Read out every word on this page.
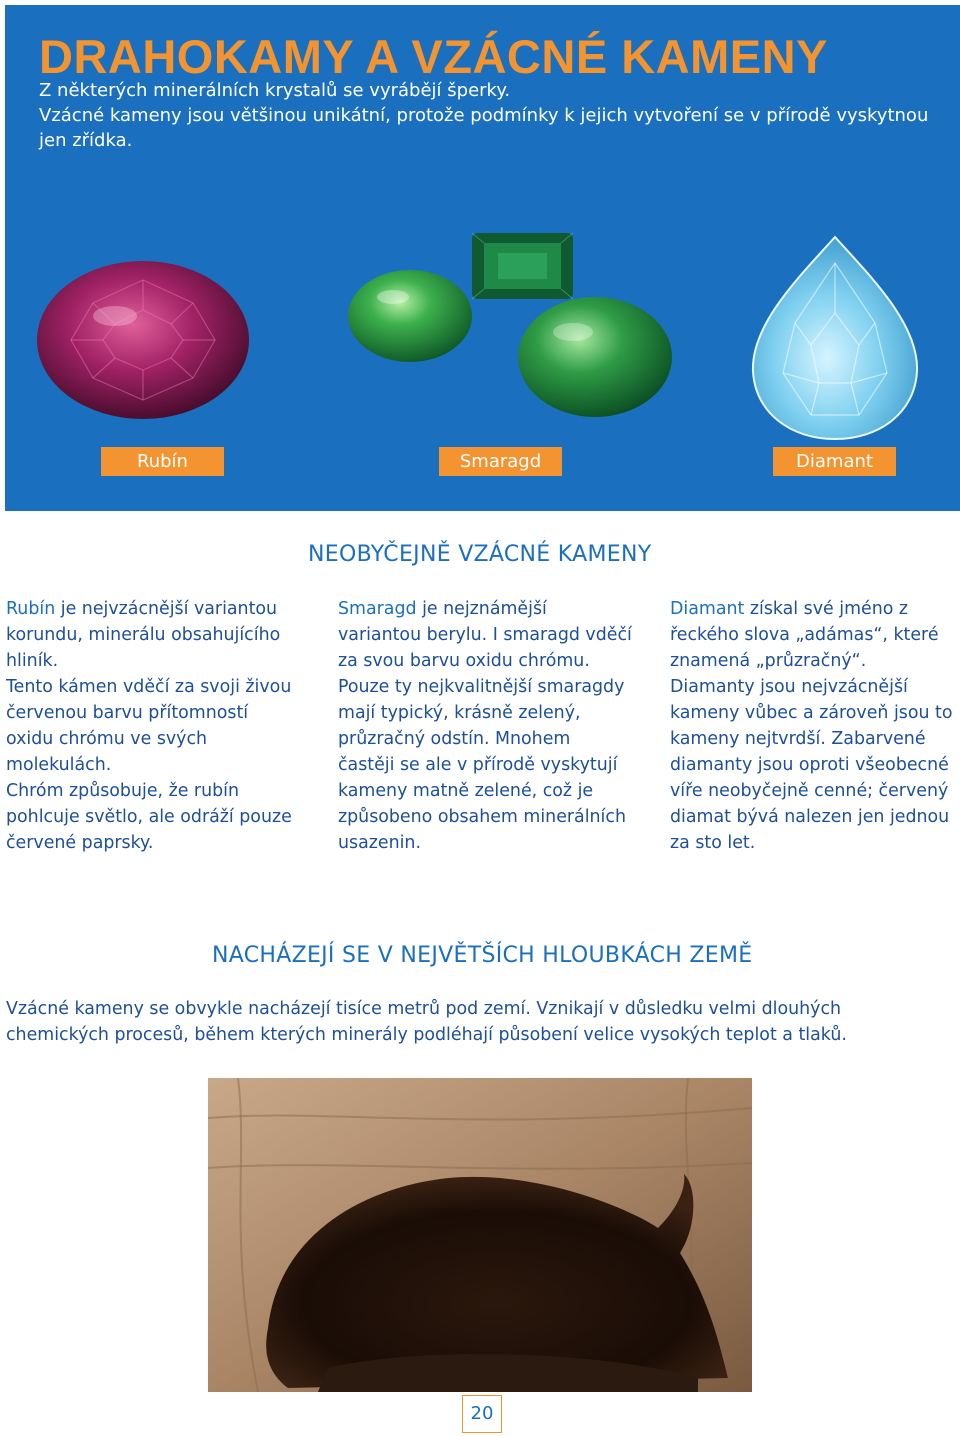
DRAHOKAMY A VZÁCNÉ KAMENY

Z některých minerálních krystalů se vyrábějí šperky.

Vzácné kameny jsou většinou unikátní, protože podmínky k jejich vytvoření se v přírodě vyskytnou jen zřídka.

Rubín	Smaragd	Diamant
NEOBYČEJNĚ VZÁCNÉ KAMENY

Rubín je nejvzácnější variantou korundu, minerálu obsahujícího hliník.

Tento kámen vděčí za svoji živou červenou barvu přítomností oxidu chrómu ve svých molekulách.

Chróm způsobuje, že rubín pohlcuje světlo, ale odráží pouze červené paprsky.

Smaragd je nejznámější variantou berylu. I smaragd vděčí za svou barvu oxidu chrómu.

Pouze ty nejkvalitnější smaragdy mají typický, krásně zelený, průzračný odstín. Mnohem častěji se ale v přírodě vyskytují kameny matně zelené, což je způsobeno obsahem minerálních usazenin.

Diamant získal své jméno z řeckého slova „adámas“, které znamená „průzračný“.

Diamanty jsou nejvzácnější kameny vůbec a zároveň jsou to kameny nejtvrdší. Zabarvené diamanty jsou oproti všeobecné víře neobyčejně cenné; červený diamat bývá nalezen jen jednou za sto let.

NACHÁZEJÍ SE V NEJVĚTŠÍCH HLOUBKÁCH ZEMĚ

Vzácné kameny se obvykle nacházejí tisíce metrů pod zemí. Vznikají v důsledku velmi dlouhých chemických procesů, během kterých minerály podléhají působení velice vysokých teplot a tlaků.

20
